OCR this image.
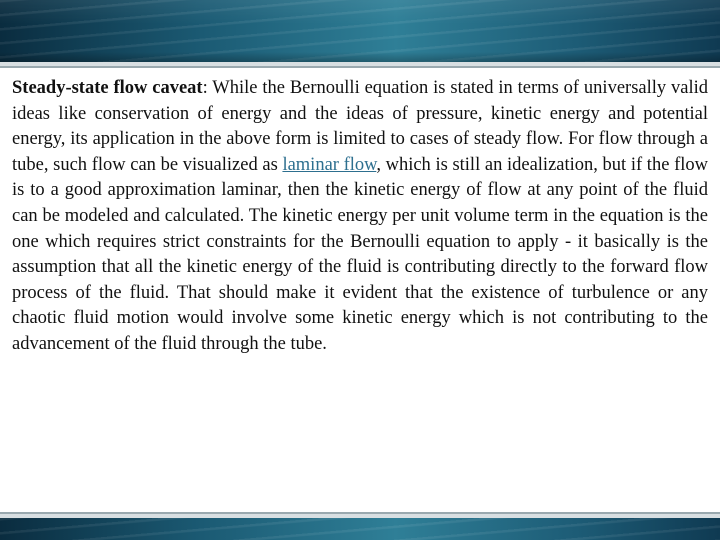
Steady-state flow caveat: While the Bernoulli equation is stated in terms of universally valid ideas like conservation of energy and the ideas of pressure, kinetic energy and potential energy, its application in the above form is limited to cases of steady flow. For flow through a tube, such flow can be visualized as laminar flow, which is still an idealization, but if the flow is to a good approximation laminar, then the kinetic energy of flow at any point of the fluid can be modeled and calculated. The kinetic energy per unit volume term in the equation is the one which requires strict constraints for the Bernoulli equation to apply - it basically is the assumption that all the kinetic energy of the fluid is contributing directly to the forward flow process of the fluid. That should make it evident that the existence of turbulence or any chaotic fluid motion would involve some kinetic energy which is not contributing to the advancement of the fluid through the tube.
